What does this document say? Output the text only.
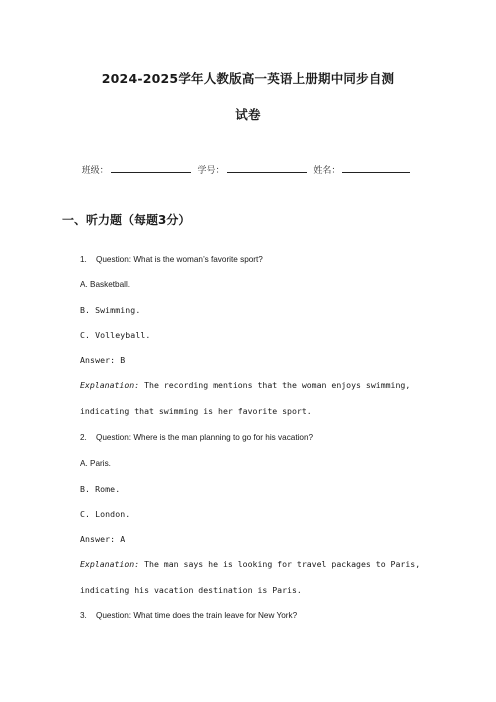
2024-2025学年人教版高一英语上册期中同步自测
试卷
班级：	学号：	姓名：
一、听力题（每题3分）
1. Question: What is the woman’s favorite sport?
A. Basketball.
B. Swimming.
C. Volleyball.
Answer: B
Explanation: The recording mentions that the woman enjoys swimming,
indicating that swimming is her favorite sport.
2. Question: Where is the man planning to go for his vacation?
A. Paris.
B. Rome.
C. London.
Answer: A
Explanation: The man says he is looking for travel packages to Paris,
indicating his vacation destination is Paris.
3. Question: What time does the train leave for New York?
